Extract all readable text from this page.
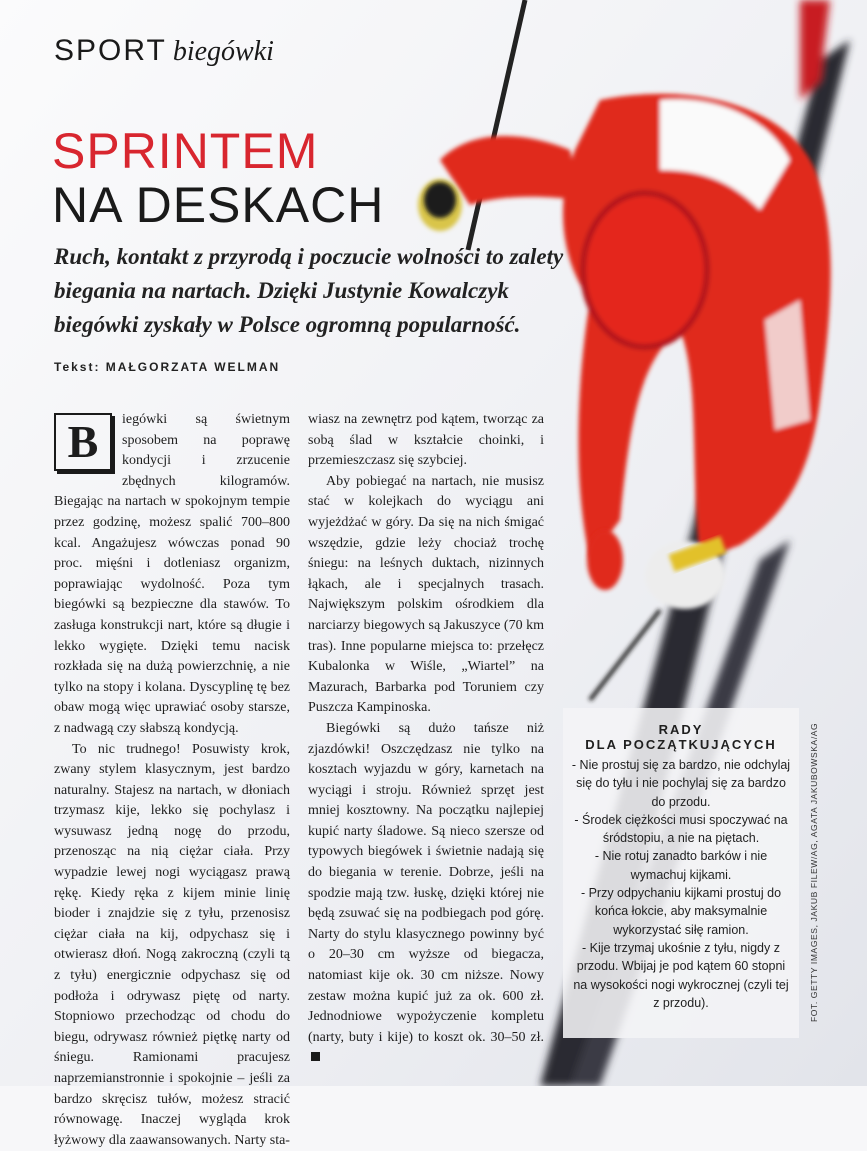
SPORT biegówki
SPRINTEM
NA DESKACH
Ruch, kontakt z przyrodą i poczucie wolności to zalety biegania na nartach. Dzięki Justynie Kowalczyk biegówki zyskały w Polsce ogromną popularność.
Tekst: MAŁGORZATA WELMAN

B	iegówki są świetnym sposobem na poprawę kondycji i zrzucenie zbędnych kilogramów. Biegając na nartach w spokojnym tempie przez godzinę, możesz spalić 700–800 kcal. Angażujesz wówczas ponad 90 proc. mięśni i dotleniasz organizm, poprawiając wydolność. Poza tym biegówki są bezpieczne dla stawów. To zasługa konstrukcji nart, które są długie i lekko wygięte. Dzięki temu nacisk rozkłada się na dużą powierzchnię, a nie tylko na stopy i kolana. Dyscyplinę tę bez obaw mogą więc uprawiać osoby starsze, z nadwagą czy słabszą kondycją.

To nic trudnego! Posuwisty krok, zwany stylem klasycznym, jest bardzo naturalny. Stajesz na nartach, w dłoniach trzymasz kije, lekko się pochylasz i wysuwasz jedną nogę do przodu, przenosząc na nią ciężar ciała. Przy wypadzie lewej nogi wyciągasz prawą rękę. Kiedy ręka z kijem minie linię bioder i znajdzie się z tyłu, przenosisz ciężar ciała na kij, odpychasz się i otwierasz dłoń. Nogą zakroczną (czyli tą z tyłu) energicznie odpychasz się od podłoża i odrywasz piętę od narty. Stopniowo przechodząc od chodu do biegu, odrywasz również piętkę narty od śniegu. Ramionami pracujesz naprzemianstronnie i spokojnie – jeśli za bardzo skręcisz tułów, możesz stracić równowagę. Inaczej wygląda krok łyżwowy dla zaawansowanych. Narty sta-

wiasz na zewnętrz pod kątem, tworząc za sobą ślad w kształcie choinki, i przemieszczasz się szybciej.

Aby pobiegać na nartach, nie musisz stać w kolejkach do wyciągu ani wyjeżdżać w góry. Da się na nich śmigać wszędzie, gdzie leży chociaż trochę śniegu: na leśnych duktach, nizinnych łąkach, ale i specjalnych trasach. Największym polskim ośrodkiem dla narciarzy biegowych są Jakuszyce (70 km tras). Inne popularne miejsca to: przełęcz Kubalonka w Wiśle, „Wiartel” na Mazurach, Barbarka pod Toruniem czy Puszcza Kampinoska.

Biegówki są dużo tańsze niż zjazdówki! Oszczędzasz nie tylko na kosztach wyjazdu w góry, karnetach na wyciągi i stroju. Również sprzęt jest mniej kosztowny. Na początku najlepiej kupić narty śladowe. Są nieco szersze od typowych biegówek i świetnie nadają się do biegania w terenie. Dobrze, jeśli na spodzie mają tzw. łuskę, dzięki której nie będą zsuwać się na podbiegach pod górę. Narty do stylu klasycznego powinny być o 20–30 cm wyższe od biegacza, natomiast kije ok. 30 cm niższe. Nowy zestaw można kupić już za ok. 600 zł. Jednodniowe wypożyczenie kompletu (narty, buty i kije) to koszt ok. 30–50 zł.

RADY
DLA POCZĄTKUJĄCYCH
- Nie prostuj się za bardzo, nie odchylaj się do tyłu i nie pochylaj się za bardzo do przodu.
- Środek ciężkości musi spoczywać na śródstopiu, a nie na piętach.
- Nie rotuj zanadto barków i nie wymachuj kijkami.
- Przy odpychaniu kijkami prostuj do końca łokcie, aby maksymalnie wykorzystać siłę ramion.
- Kije trzymaj ukośnie z tyłu, nigdy z przodu. Wbijaj je pod kątem 60 stopni na wysokości nogi wykrocznej (czyli tej z przodu).	FOT. GETTY IMAGES, JAKUB FILEW/AG, AGATA JAKUBOWSKA/AG
